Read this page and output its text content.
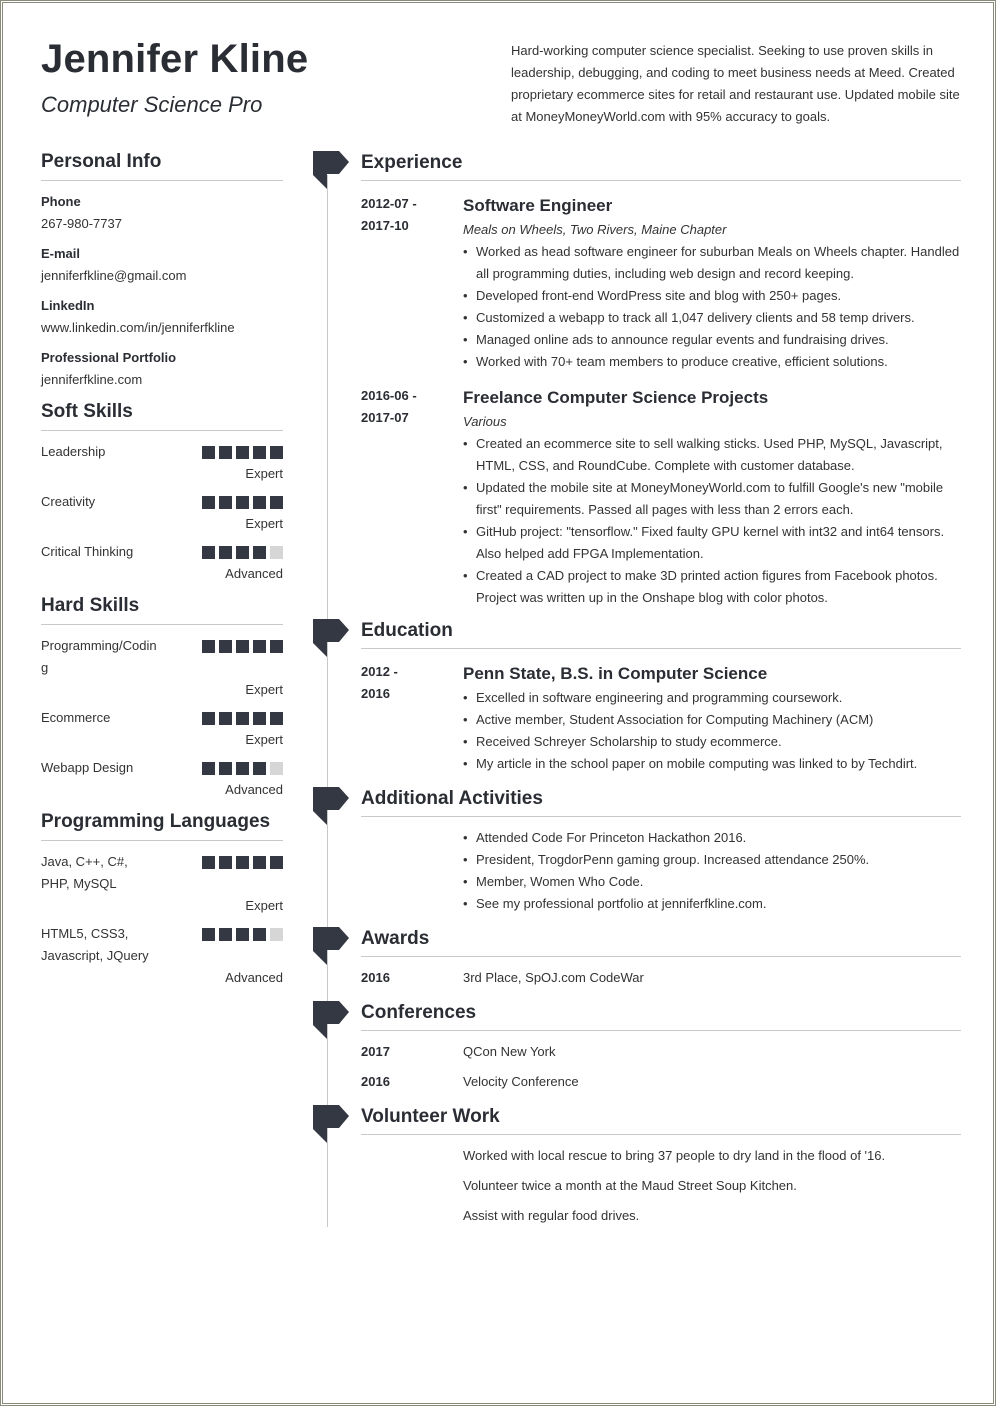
Jennifer Kline
Computer Science Pro
Hard-working computer science specialist. Seeking to use proven skills in leadership, debugging, and coding to meet business needs at Meed. Created proprietary ecommerce sites for retail and restaurant use. Updated mobile site at MoneyMoneyWorld.com with 95% accuracy to goals.
Personal Info
Phone
267-980-7737
E-mail
jenniferfkline@gmail.com
LinkedIn
www.linkedin.com/in/jenniferfkline
Professional Portfolio
jenniferfkline.com
Soft Skills
Leadership
Expert
Creativity
Expert
Critical Thinking
Advanced
Hard Skills
Programming/Coding
Expert
Ecommerce
Expert
Webapp Design
Advanced
Programming Languages
Java, C++, C#, PHP, MySQL
Expert
HTML5, CSS3, Javascript, JQuery
Advanced
Experience
2012-07 -
2017-10
Software Engineer
Meals on Wheels, Two Rivers, Maine Chapter
• Worked as head software engineer for suburban Meals on Wheels chapter. Handled all programming duties, including web design and record keeping.
• Developed front-end WordPress site and blog with 250+ pages.
• Customized a webapp to track all 1,047 delivery clients and 58 temp drivers.
• Managed online ads to announce regular events and fundraising drives.
• Worked with 70+ team members to produce creative, efficient solutions.
2016-06 -
2017-07
Freelance Computer Science Projects
Various
• Created an ecommerce site to sell walking sticks. Used PHP, MySQL, Javascript, HTML, CSS, and RoundCube. Complete with customer database.
• Updated the mobile site at MoneyMoneyWorld.com to fulfill Google's new "mobile first" requirements. Passed all pages with less than 2 errors each.
• GitHub project: "tensorflow." Fixed faulty GPU kernel with int32 and int64 tensors. Also helped add FPGA Implementation.
• Created a CAD project to make 3D printed action figures from Facebook photos. Project was written up in the Onshape blog with color photos.
Education
2012 -
2016
Penn State, B.S. in Computer Science
• Excelled in software engineering and programming coursework.
• Active member, Student Association for Computing Machinery (ACM)
• Received Schreyer Scholarship to study ecommerce.
• My article in the school paper on mobile computing was linked to by Techdirt.
Additional Activities
• Attended Code For Princeton Hackathon 2016.
• President, TrogdorPenn gaming group. Increased attendance 250%.
• Member, Women Who Code.
• See my professional portfolio at jenniferfkline.com.
Awards
2016	3rd Place, SpOJ.com CodeWar
Conferences
2017	QCon New York
2016	Velocity Conference
Volunteer Work
Worked with local rescue to bring 37 people to dry land in the flood of '16.
Volunteer twice a month at the Maud Street Soup Kitchen.
Assist with regular food drives.
